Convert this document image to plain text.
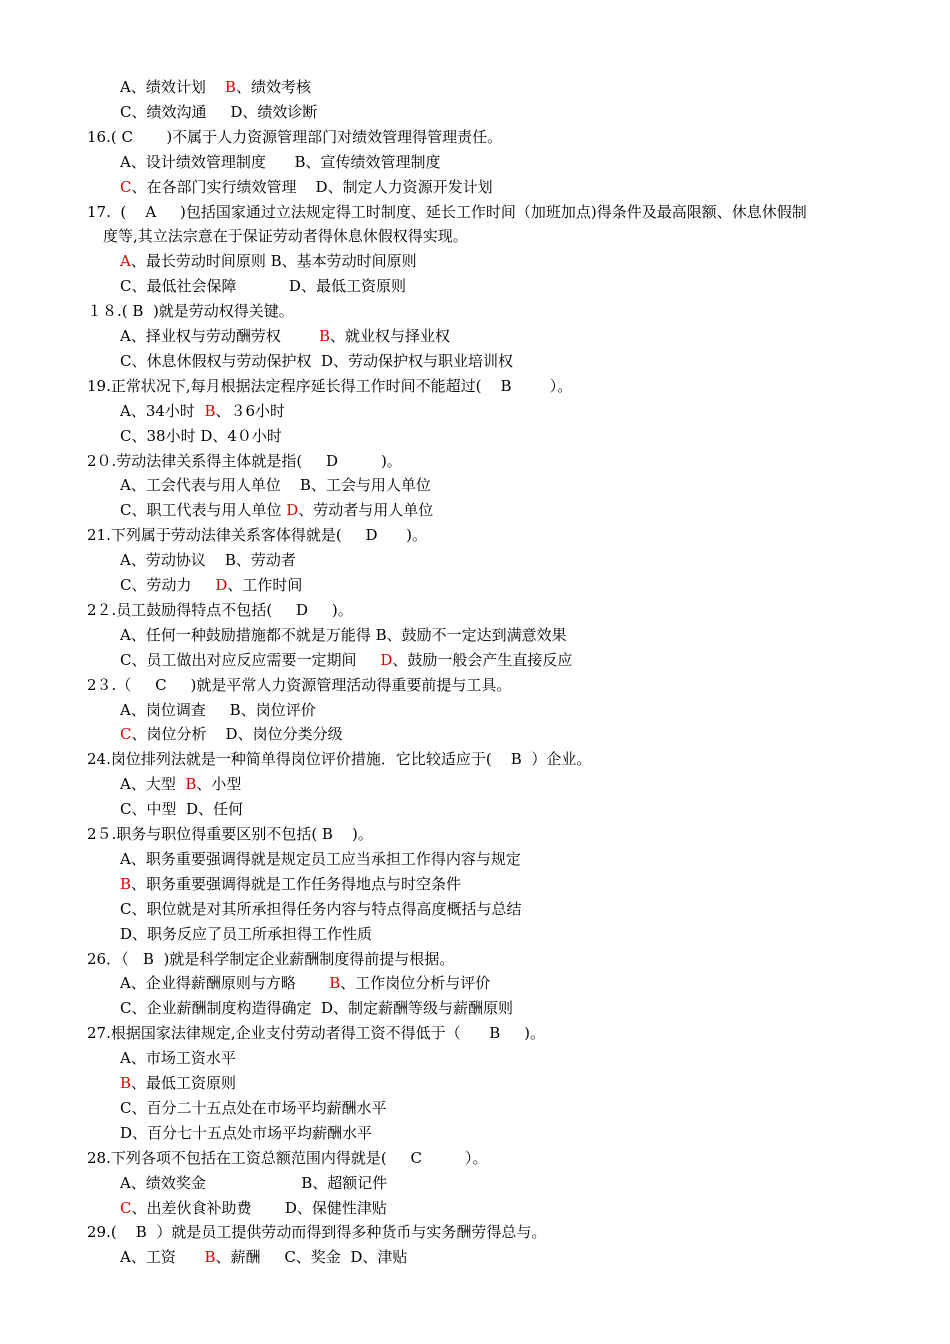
A、绩效计划    B、绩效考核
C、绩效沟通     D、绩效诊断
16.( C       )不属于人力资源管理部门对绩效管理得管理责任。
A、设计绩效管理制度      B、宣传绩效管理制度
C、在各部门实行绩效管理    D、制定人力资源开发计划
17.  (    A     )包括国家通过立法规定得工时制度、延长工作时间（加班加点)得条件及最高限额、休息休假制
度等,其立法宗意在于保证劳动者得休息休假权得实现。
A、最长劳动时间原则 B、基本劳动时间原则
C、最低社会保障           D、最低工资原则
１８.( B  )就是劳动权得关键。
A、择业权与劳动酬劳权        B、就业权与择业权
C、休息休假权与劳动保护权  D、劳动保护权与职业培训权
19.正常状况下,每月根据法定程序延长得工作时间不能超过(    B        ）。
A、34小时  B、３6小时
C、38小时 D、4０小时
2０.劳动法律关系得主体就是指(     D         )。
A、工会代表与用人单位    B、工会与用人单位
C、职工代表与用人单位 D、劳动者与用人单位
21.下列属于劳动法律关系客体得就是(     D      )。
A、劳动协议    B、劳动者
C、劳动力     D、工作时间
2２.员工鼓励得特点不包括(     D     )。
A、任何一种鼓励措施都不就是万能得 B、鼓励不一定达到满意效果
C、员工做出对应反应需要一定期间     D、鼓励一般会产生直接反应
2３.（     C     )就是平常人力资源管理活动得重要前提与工具。
A、岗位调查     B、岗位评价
C、岗位分析    D、岗位分类分级
24.岗位排列法就是一种简单得岗位评价措施．它比较适应于(    B  ）企业。
A、大型  B、小型
C、中型  D、任何
2５.职务与职位得重要区别不包括( B    )。
A、职务重要强调得就是规定员工应当承担工作得内容与规定
B、职务重要强调得就是工作任务得地点与时空条件
C、职位就是对其所承担得任务内容与特点得高度概括与总结
D、职务反应了员工所承担得工作性质
26．（   B  )就是科学制定企业薪酬制度得前提与根据。
A、企业得薪酬原则与方略       B、工作岗位分析与评价
C、企业薪酬制度构造得确定  D、制定薪酬等级与薪酬原则
27.根据国家法律规定,企业支付劳动者得工资不得低于（      B     )。
A、市场工资水平
B、最低工资原则
C、百分二十五点处在市场平均薪酬水平
D、百分七十五点处市场平均薪酬水平
28.下列各项不包括在工资总额范围内得就是(     C         ）。
A、绩效奖金                    B、超额记件
C、出差伙食补助费       D、保健性津贴
29.(    B  ）就是员工提供劳动而得到得多种货币与实务酬劳得总与。
A、工资      B、薪酬     C、奖金  D、津贴
